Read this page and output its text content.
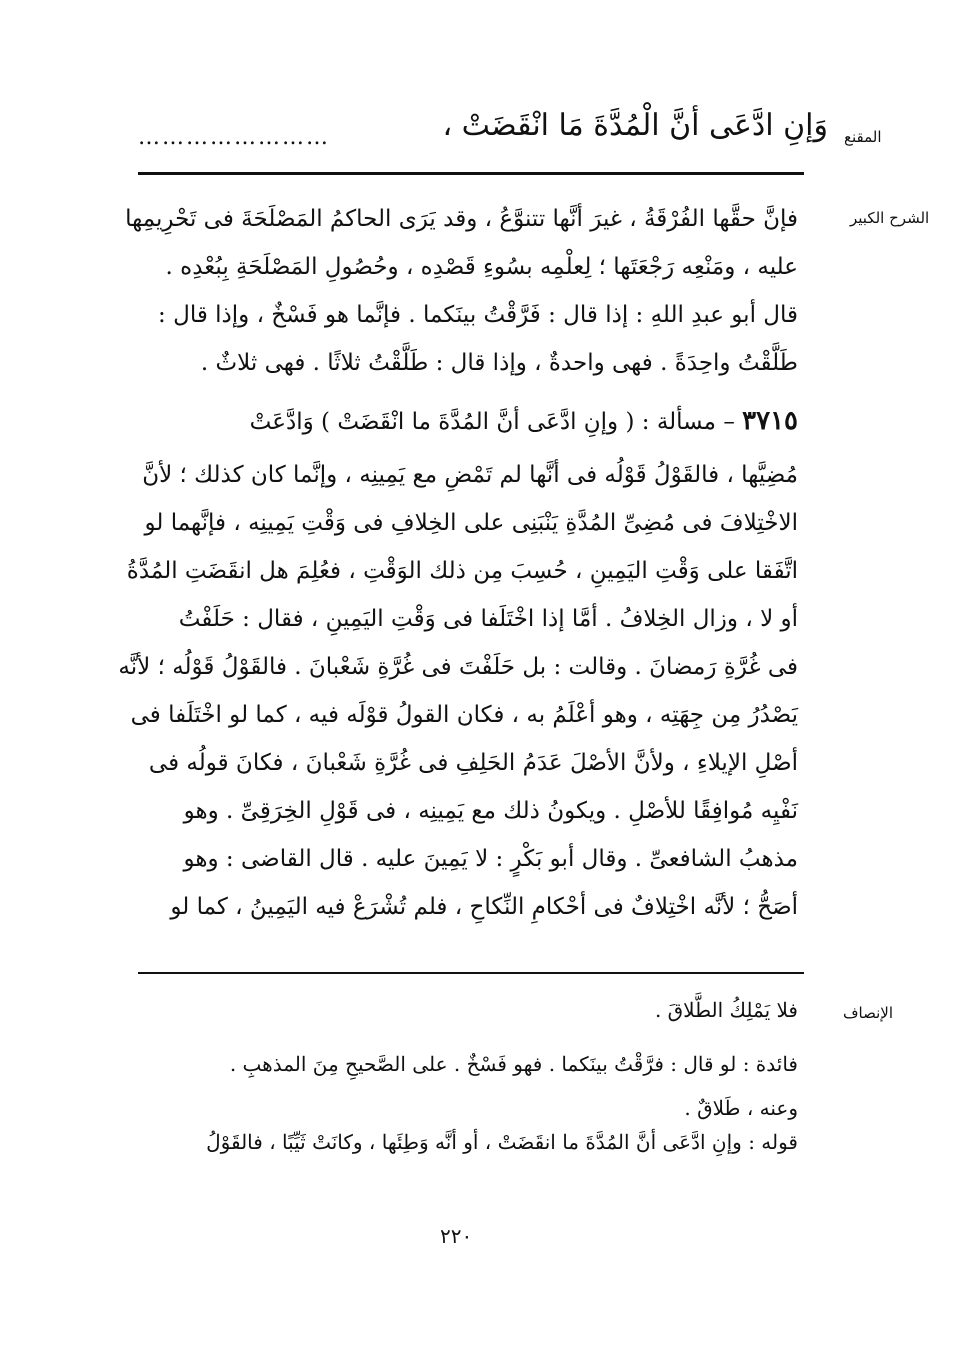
المقنع
الشرح الكبير
الإنصاف
وَإنِ ادَّعَى أنَّ الْمُدَّةَ مَا انْقَضَتْ ،
……………………
فإنَّ حقَّها الفُرْقَةُ ، غيرَ أنَّها تتنوَّعُ ، وقد يَرَى الحاكمُ المَصْلَحَةَ فى تَحْرِيمِها
عليه ، ومَنْعِه رَجْعَتَها ؛ لِعلْمِه بسُوءِ قَصْدِه ، وحُصُولِ المَصْلَحَةِ بِبُعْدِه .
قال أبو عبدِ اللهِ : إذا قال : فَرَّقْتُ بينَكما . فإنَّما هو فَسْخٌ ، وإذا قال :
طَلَّقْتُ واحِدَةً . فهى واحدةٌ ، وإذا قال : طَلَّقْتُ ثلاثًا . فهى ثلاثٌ .
٣٧١٥ – مسألة : ( وإنِ ادَّعَى أنَّ المُدَّةَ ما انْقَضَتْ ) وَادَّعَتْ
مُضِيَّها ، فالقَوْلُ قَوْلُه فى أنَّها لم تَمْضِ مع يَمِينِه ، وإنَّما كان كذلك ؛ لأنَّ
الاخْتِلافَ فى مُضِىِّ المُدَّةِ يَنْبَنِى على الخِلافِ فى وَقْتِ يَمِينِه ، فإنَّهما لو
اتَّفَقا على وَقْتِ اليَمِينِ ، حُسِبَ مِن ذلك الوَقْتِ ، فعُلِمَ هل انقَضَتِ المُدَّةُ
أو لا ، وزال الخِلافُ . أمَّا إذا اخْتَلَفا فى وَقْتِ اليَمِينِ ، فقال : حَلَفْتُ
فى غُرَّةِ رَمضانَ . وقالت : بل حَلَفْتَ فى غُرَّةِ شَعْبانَ . فالقَوْلُ قَوْلُه ؛ لأنَّه
يَصْدُرُ مِن جِهَتِه ، وهو أعْلَمُ به ، فكان القولُ قوْلَه فيه ، كما لو اخْتَلَفا فى
أصْلِ الإيلاءِ ، ولأنَّ الأصْلَ عَدَمُ الحَلِفِ فى غُرَّةِ شَعْبانَ ، فكانَ قولُه فى
نَفْيِه مُوافِقًا للأصْلِ . ويكونُ ذلك مع يَمِينِه ، فى قَوْلِ الخِرَقِىِّ . وهو
مذهبُ الشافعىِّ . وقال أبو بَكْرٍ : لا يَمِينَ عليه . قال القاضى : وهو
أصَحُّ ؛ لأنَّه اخْتِلافٌ فى أحْكامِ النِّكاحِ ، فلم تُشْرَعْ فيه اليَمِينُ ، كما لو
فلا يَمْلِكُ الطَّلاقَ .
فائدة : لو قال : فرَّقْتُ بينَكما . فهو فَسْخٌ . على الصَّحيحِ مِنَ المذهبِ .
وعنه ، طَلاقٌ .
قوله : وإنِ ادَّعَى أنَّ المُدَّةَ ما انقَضَتْ ، أو أنَّه وَطِئَها ، وكانَتْ ثَيِّبًا ، فالقَوْلُ
٢٢٠
